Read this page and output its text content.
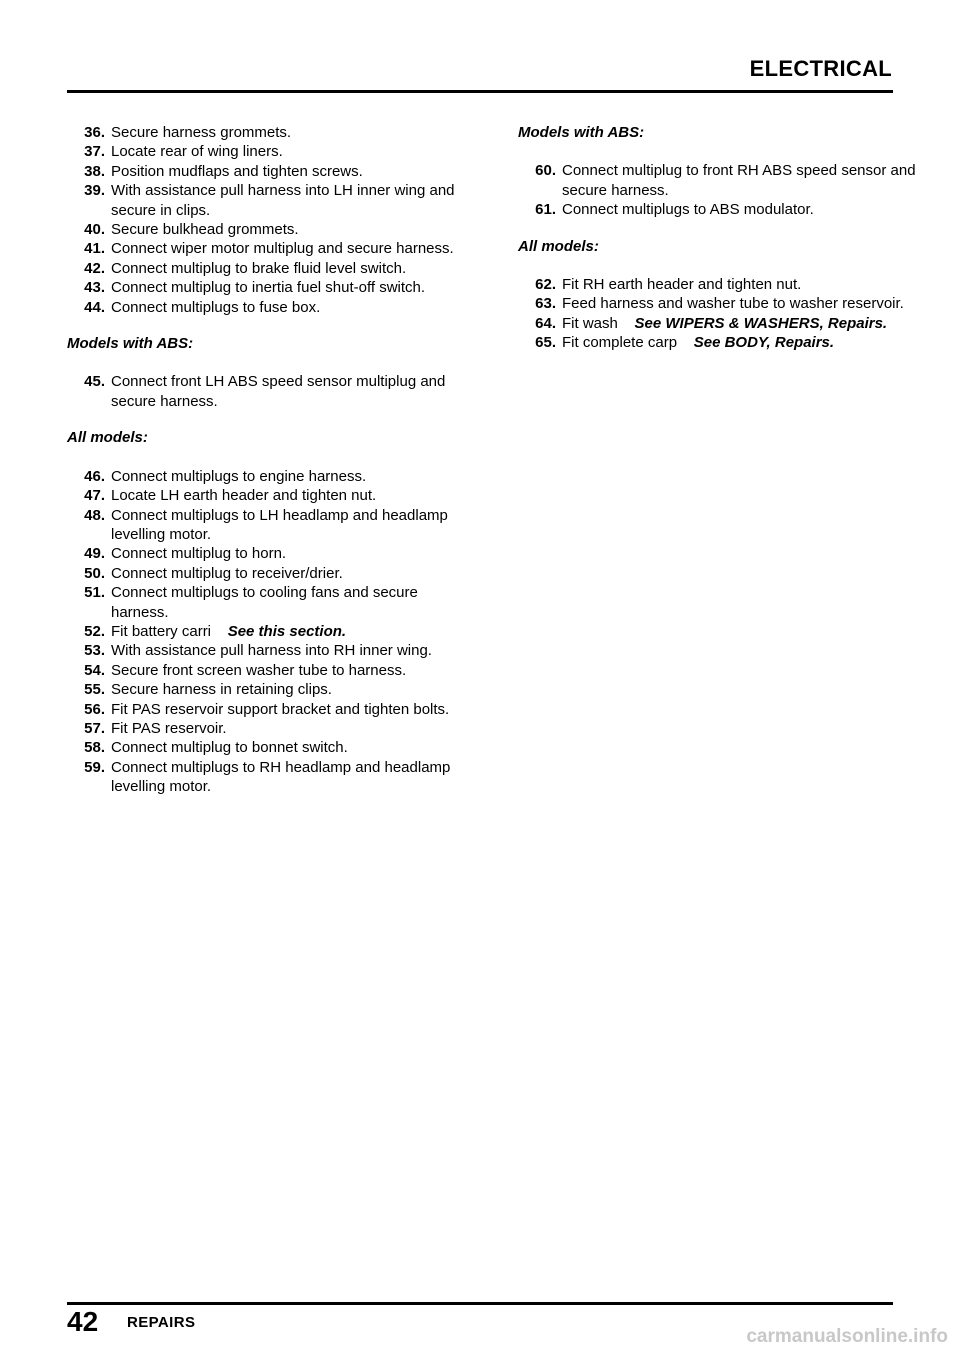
ELECTRICAL
36. Secure harness grommets.
37. Locate rear of wing liners.
38. Position mudflaps and tighten screws.
39. With assistance pull harness into LH inner wing and secure in clips.
40. Secure bulkhead grommets.
41. Connect wiper motor multiplug and secure harness.
42. Connect multiplug to brake fluid level switch.
43. Connect multiplug to inertia fuel shut-off switch.
44. Connect multiplugs to fuse box.
Models with ABS:
45. Connect front LH ABS speed sensor multiplug and secure harness.
All models:
46. Connect multiplugs to engine harness.
47. Locate LH earth header and tighten nut.
48. Connect multiplugs to LH headlamp and headlamp levelling motor.
49. Connect multiplug to horn.
50. Connect multiplug to receiver/drier.
51. Connect multiplugs to cooling fans and secure harness.
52. Fit battery carri See this section.
53. With assistance pull harness into RH inner wing.
54. Secure front screen washer tube to harness.
55. Secure harness in retaining clips.
56. Fit PAS reservoir support bracket and tighten bolts.
57. Fit PAS reservoir.
58. Connect multiplug to bonnet switch.
59. Connect multiplugs to RH headlamp and headlamp levelling motor.
Models with ABS:
60. Connect multiplug to front RH ABS speed sensor and secure harness.
61. Connect multiplugs to ABS modulator.
All models:
62. Fit RH earth header and tighten nut.
63. Feed harness and washer tube to washer reservoir.
64. Fit wash See WIPERS & WASHERS, Repairs.
65. Fit complete carp See BODY, Repairs.
42 REPAIRS
carmanualsonline.info
